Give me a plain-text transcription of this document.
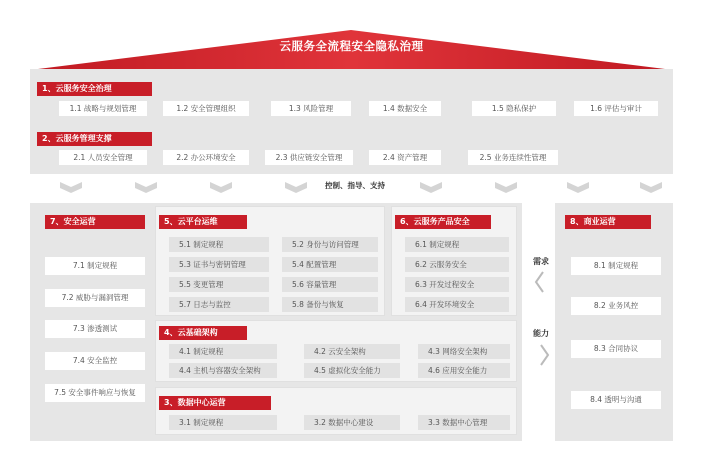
云服务全流程安全隐私治理
1、云服务安全治理
1.1 战略与规划管理	1.2 安全管理组织	1.3 风险管理	1.4 数据安全	1.5 隐私保护	1.6 评估与审计
2、云服务管理支撑
2.1 人员安全管理	2.2 办公环境安全	2.3 供应链安全管理	2.4 资产管理	2.5 业务连续性管理
控制、指导、支持
7、安全运营
7.1 制定规程
7.2 威胁与漏洞管理
7.3 渗透测试
7.4 安全监控
7.5 安全事件响应与恢复
5、云平台运维
5.1 制定规程	5.2 身份与访问管理
5.3 证书与密钥管理	5.4 配置管理
5.5 变更管理	5.6 容量管理
5.7 日志与监控	5.8 备份与恢复
6、云服务产品安全
6.1 制定规程
6.2 云服务安全
6.3 开发过程安全
6.4 开发环境安全
4、云基础架构
4.1 制定规程	4.2 云安全架构	4.3 网络安全架构
4.4 主机与容器安全架构	4.5 虚拟化安全能力	4.6 应用安全能力
3、数据中心运营
3.1 制定规程	3.2 数据中心建设	3.3 数据中心管理
需求
能力
8、商业运营
8.1 制定规程
8.2 业务风控
8.3 合同协议
8.4 透明与沟通
